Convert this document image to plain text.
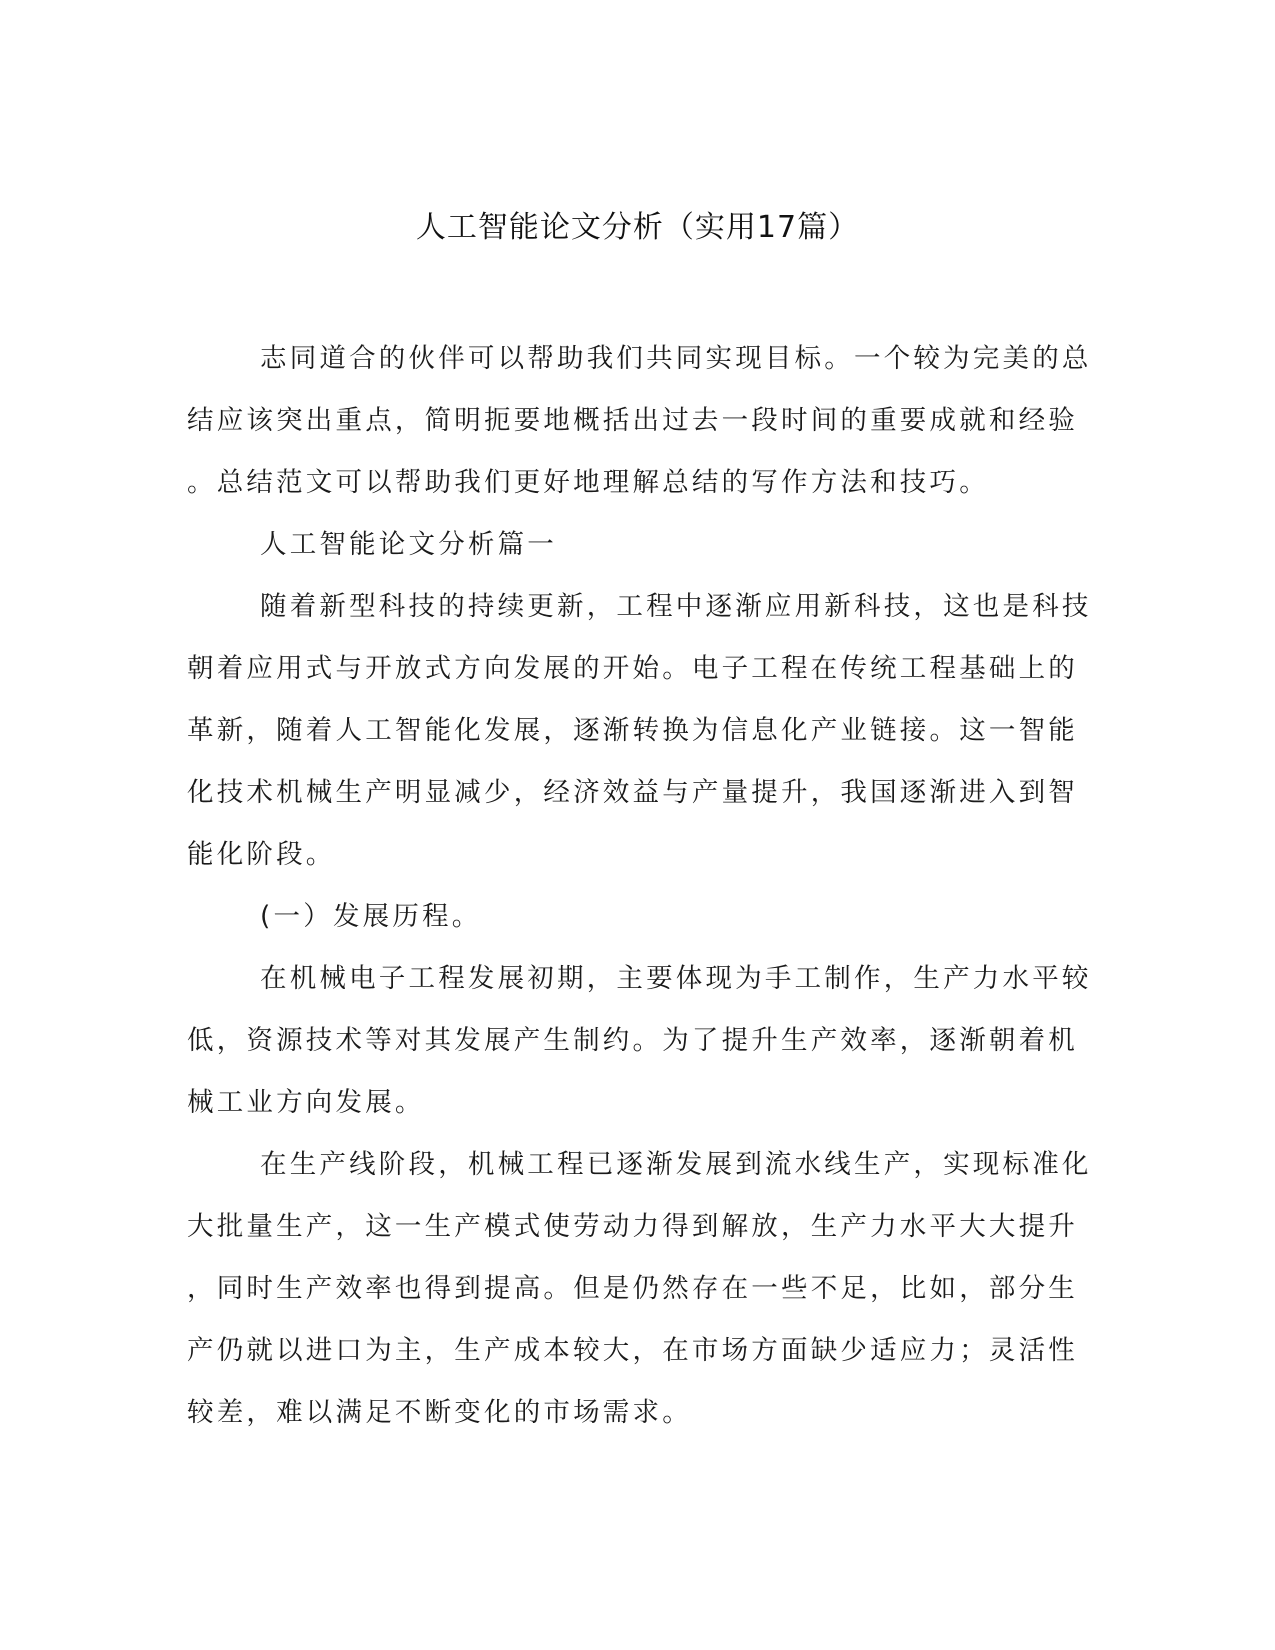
人工智能论文分析（实用17篇）
志同道合的伙伴可以帮助我们共同实现目标。一个较为完美的总
结应该突出重点，简明扼要地概括出过去一段时间的重要成就和经验
。总结范文可以帮助我们更好地理解总结的写作方法和技巧。
人工智能论文分析篇一
随着新型科技的持续更新，工程中逐渐应用新科技，这也是科技
朝着应用式与开放式方向发展的开始。电子工程在传统工程基础上的
革新，随着人工智能化发展，逐渐转换为信息化产业链接。这一智能
化技术机械生产明显减少，经济效益与产量提升，我国逐渐进入到智
能化阶段。
(一）发展历程。
在机械电子工程发展初期，主要体现为手工制作，生产力水平较
低，资源技术等对其发展产生制约。为了提升生产效率，逐渐朝着机
械工业方向发展。
在生产线阶段，机械工程已逐渐发展到流水线生产，实现标准化
大批量生产，这一生产模式使劳动力得到解放，生产力水平大大提升
，同时生产效率也得到提高。但是仍然存在一些不足，比如，部分生
产仍就以进口为主，生产成本较大，在市场方面缺少适应力；灵活性
较差，难以满足不断变化的市场需求。
